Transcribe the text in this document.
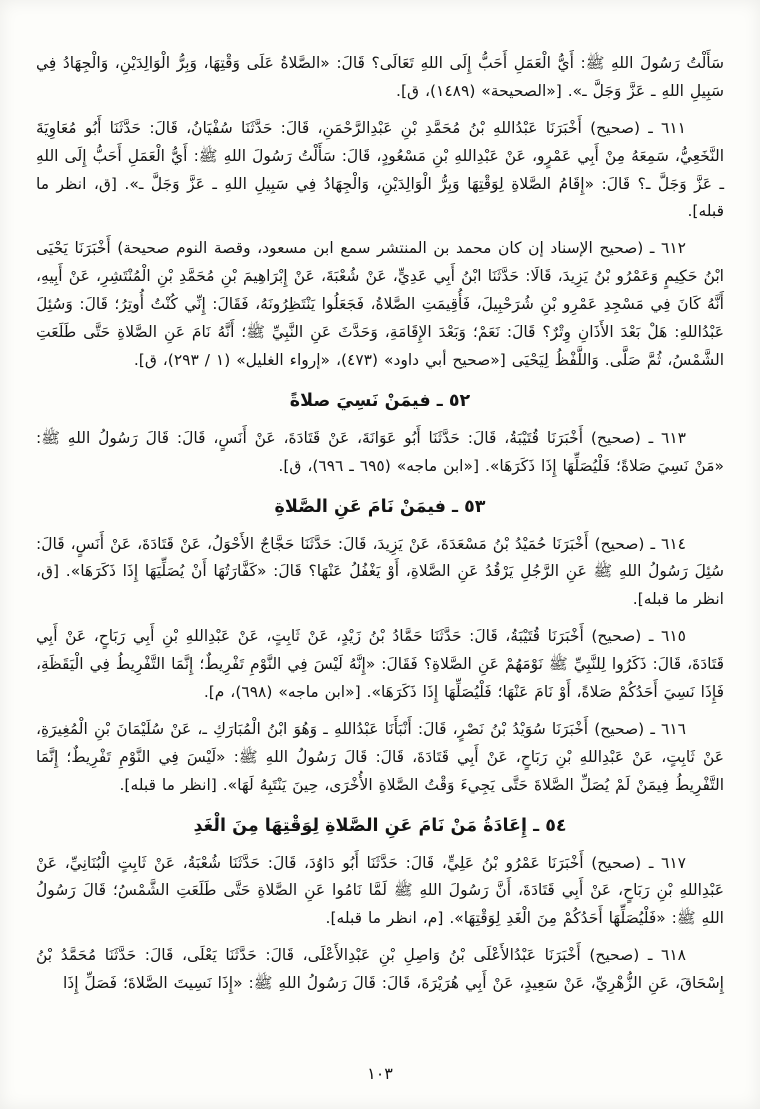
سَأَلْتُ رَسُولَ اللهِ ﷺ: أَيُّ الْعَمَلِ أَحَبُّ إِلَى اللهِ تَعَالَى؟ قَالَ: «الصَّلاةُ عَلَى وَقْتِهَا، وَبِرُّ الْوَالِدَيْنِ، وَالْجِهَادُ فِي سَبِيلِ اللهِ ـ عَزَّ وَجَلَّ ـ». [«الصحيحة» (١٤٨٩)، ق].

٦١١ ـ (صحيح) أَخْبَرَنَا عَبْدُاللهِ بْنُ مُحَمَّدِ بْنِ عَبْدِالرَّحْمَنِ، قَالَ: حَدَّثَنَا سُفْيَانُ، قَالَ: حَدَّثَنَا أَبُو مُعَاوِيَةَ النَّخَعِيُّ، سَمِعَهُ مِنْ أَبِي عَمْرٍو، عَنْ عَبْدِاللهِ بْنِ مَسْعُودٍ، قَالَ: سَأَلْتُ رَسُولَ اللهِ ﷺ: أَيُّ الْعَمَلِ أَحَبُّ إِلَى اللهِ ـ عَزَّ وَجَلَّ ـ؟ قَالَ: «إِقَامُ الصَّلاةِ لِوَقْتِهَا وَبِرُّ الْوَالِدَيْنِ، وَالْجِهَادُ فِي سَبِيلِ اللهِ ـ عَزَّ وَجَلَّ ـ». [ق، انظر ما قبله].

٦١٢ ـ (صحيح الإسناد إن كان محمد بن المنتشر سمع ابن مسعود، وقصة النوم صحيحة) أَخْبَرَنَا يَحْيَى ابْنُ حَكِيمٍ وَعَمْرُو بْنُ يَزِيدَ، قَالَا: حَدَّثَنَا ابْنُ أَبِي عَدِيٍّ، عَنْ شُعْبَةَ، عَنْ إِبْرَاهِيمَ بْنِ مُحَمَّدِ بْنِ الْمُنْتَشِرِ، عَنْ أَبِيهِ، أَنَّهُ كَانَ فِي مَسْجِدِ عَمْرِو بْنِ شُرَحْبِيلَ، فَأُقِيمَتِ الصَّلاةُ، فَجَعَلُوا يَنْتَظِرُونَهُ، فَقَالَ: إِنِّي كُنْتُ أُوتِرُ؛ قَالَ: وَسُئِلَ عَبْدُاللهِ: هَلْ بَعْدَ الأَذَانِ وِتْرٌ؟ قَالَ: نَعَمْ؛ وَبَعْدَ الإِقَامَةِ، وَحَدَّثَ عَنِ النَّبِيِّ ﷺ؛ أَنَّهُ نَامَ عَنِ الصَّلاةِ حَتَّى طَلَعَتِ الشَّمْسُ، ثُمَّ صَلَّى. وَاللَّفْظُ لِيَحْيَى [«صحيح أبي داود» (٤٧٣)، «إرواء الغليل» (١ / ٢٩٣)، ق].

٥٢ ـ فيمَنْ نَسِيَ صلاةً

٦١٣ ـ (صحيح) أَخْبَرَنَا قُتَيْبَةُ، قَالَ: حَدَّثَنَا أَبُو عَوَانَةَ، عَنْ قَتَادَةَ، عَنْ أَنَسٍ، قَالَ: قَالَ رَسُولُ اللهِ ﷺ: «مَنْ نَسِيَ صَلاةً؛ فَلْيُصَلِّهَا إِذَا ذَكَرَهَا». [«ابن ماجه» (٦٩٥ ـ ٦٩٦)، ق].

٥٣ ـ فيمَنْ نَامَ عَنِ الصَّلاةِ

٦١٤ ـ (صحيح) أَخْبَرَنَا حُمَيْدُ بْنُ مَسْعَدَةَ، عَنْ يَزِيدَ، قَالَ: حَدَّثَنَا حَجَّاجٌ الأَحْوَلُ، عَنْ قَتَادَةَ، عَنْ أَنَسٍ، قَالَ: سُئِلَ رَسُولُ اللهِ ﷺ عَنِ الرَّجُلِ يَرْقُدُ عَنِ الصَّلاةِ، أَوْ يَغْفُلُ عَنْهَا؟ قَالَ: «كَفَّارَتُهَا أَنْ يُصَلِّيَهَا إِذَا ذَكَرَهَا». [ق، انظر ما قبله].

٦١٥ ـ (صحيح) أَخْبَرَنَا قُتَيْبَةُ، قَالَ: حَدَّثَنَا حَمَّادُ بْنُ زَيْدٍ، عَنْ ثَابِتٍ، عَنْ عَبْدِاللهِ بْنِ أَبِي رَبَاحٍ، عَنْ أَبِي قَتَادَةَ، قَالَ: ذَكَرُوا لِلنَّبِيِّ ﷺ نَوْمَهُمْ عَنِ الصَّلاةِ؟ فَقَالَ: «إِنَّهُ لَيْسَ فِي النَّوْمِ تَفْرِيطٌ؛ إِنَّمَا التَّفْرِيطُ فِي الْيَقَظَةِ، فَإِذَا نَسِيَ أَحَدُكُمْ صَلاةً، أَوْ نَامَ عَنْهَا؛ فَلْيُصَلِّهَا إِذَا ذَكَرَهَا». [«ابن ماجه» (٦٩٨)، م].

٦١٦ ـ (صحيح) أَخْبَرَنَا سُوَيْدُ بْنُ نَصْرٍ، قَالَ: أَنْبَأَنَا عَبْدُاللهِ ـ وَهُوَ ابْنُ الْمُبَارَكِ ـ، عَنْ سُلَيْمَانَ بْنِ الْمُغِيرَةِ، عَنْ ثَابِتٍ، عَنْ عَبْدِاللهِ بْنِ رَبَاحٍ، عَنْ أَبِي قَتَادَةَ، قَالَ: قَالَ رَسُولُ اللهِ ﷺ: «لَيْسَ فِي النَّوْمِ تَفْرِيطٌ؛ إِنَّمَا التَّفْرِيطُ فِيمَنْ لَمْ يُصَلِّ الصَّلاةَ حَتَّى يَجِيءَ وَقْتُ الصَّلاةِ الأُخْرَى، حِينَ يَنْتَبِهُ لَهَا». [انظر ما قبله].

٥٤ ـ إِعَادَةُ مَنْ نَامَ عَنِ الصَّلاةِ لِوَقْتِهَا مِنَ الْغَدِ

٦١٧ ـ (صحيح) أَخْبَرَنَا عَمْرُو بْنُ عَلِيٍّ، قَالَ: حَدَّثَنَا أَبُو دَاوُدَ، قَالَ: حَدَّثَنَا شُعْبَةُ، عَنْ ثَابِتٍ الْبُنَانِيِّ، عَنْ عَبْدِاللهِ بْنِ رَبَاحٍ، عَنْ أَبِي قَتَادَةَ، أَنَّ رَسُولَ اللهِ ﷺ لَمَّا نَامُوا عَنِ الصَّلاةِ حَتَّى طَلَعَتِ الشَّمْسُ؛ قَالَ رَسُولُ اللهِ ﷺ: «فَلْيُصَلِّهَا أَحَدُكُمْ مِنَ الْغَدِ لِوَقْتِهَا». [م، انظر ما قبله].

٦١٨ ـ (صحيح) أَخْبَرَنَا عَبْدُالأَعْلَى بْنُ وَاصِلِ بْنِ عَبْدِالأَعْلَى، قَالَ: حَدَّثَنَا يَعْلَى، قَالَ: حَدَّثَنَا مُحَمَّدُ بْنُ إِسْحَاقَ، عَنِ الزُّهْرِيِّ، عَنْ سَعِيدٍ، عَنْ أَبِي هُرَيْرَةَ، قَالَ: قَالَ رَسُولُ اللهِ ﷺ: «إِذَا نَسِيتَ الصَّلاةَ؛ فَصَلِّ إِذَا

١٠٣
